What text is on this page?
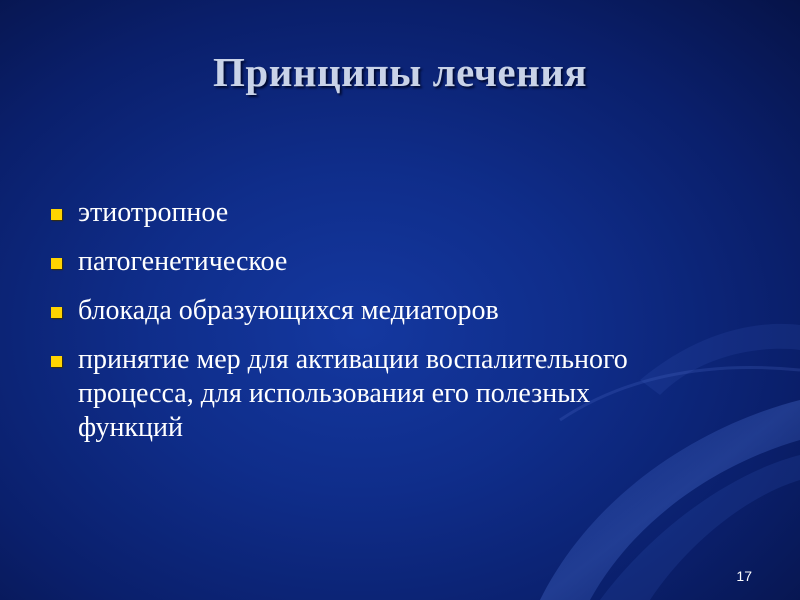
Принципы лечения
этиотропное
патогенетическое
блокада образующихся медиаторов
принятие мер для активации воспалительного процесса, для использования его полезных функций
17
